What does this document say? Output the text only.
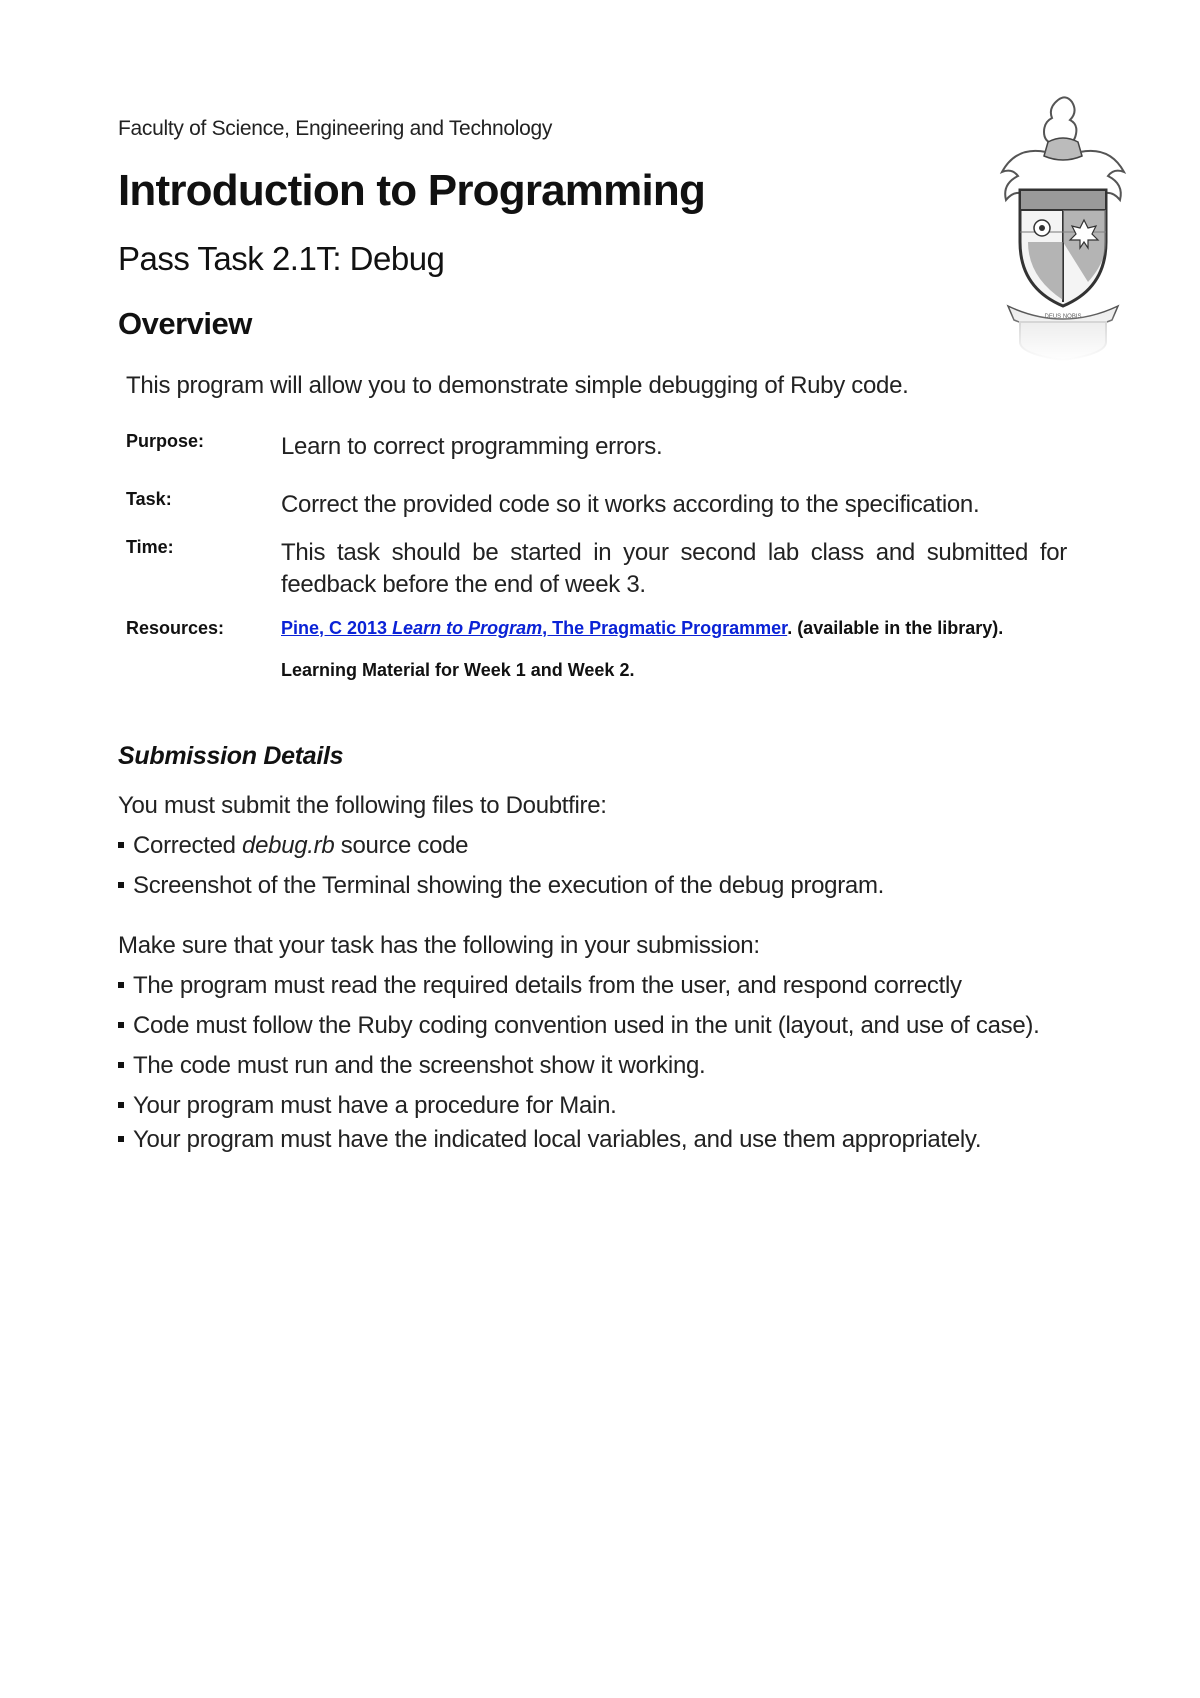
Faculty of Science, Engineering and Technology
Introduction to Programming
Pass Task 2.1T: Debug
Overview
This program will allow you to demonstrate simple debugging of Ruby code.
Purpose:	Learn to correct programming errors.
Task:	Correct the provided code so it works according to the specification.
Time:	This task should be started in your second lab class and submitted for feedback before the end of week 3.
Resources:	Pine, C 2013 Learn to Program, The Pragmatic Programmer. (available in the library).
Learning Material for Week 1 and Week 2.
Submission Details
You must submit the following files to Doubtfire:
Corrected debug.rb source code
Screenshot of the Terminal showing the execution of the debug program.
Make sure that your task has the following in your submission:
The program must read the required details from the user, and respond correctly
Code must follow the Ruby coding convention used in the unit (layout, and use of case).
The code must run and the screenshot show it working.
Your program must have a procedure for Main.
Your program must have the indicated local variables, and use them appropriately.
